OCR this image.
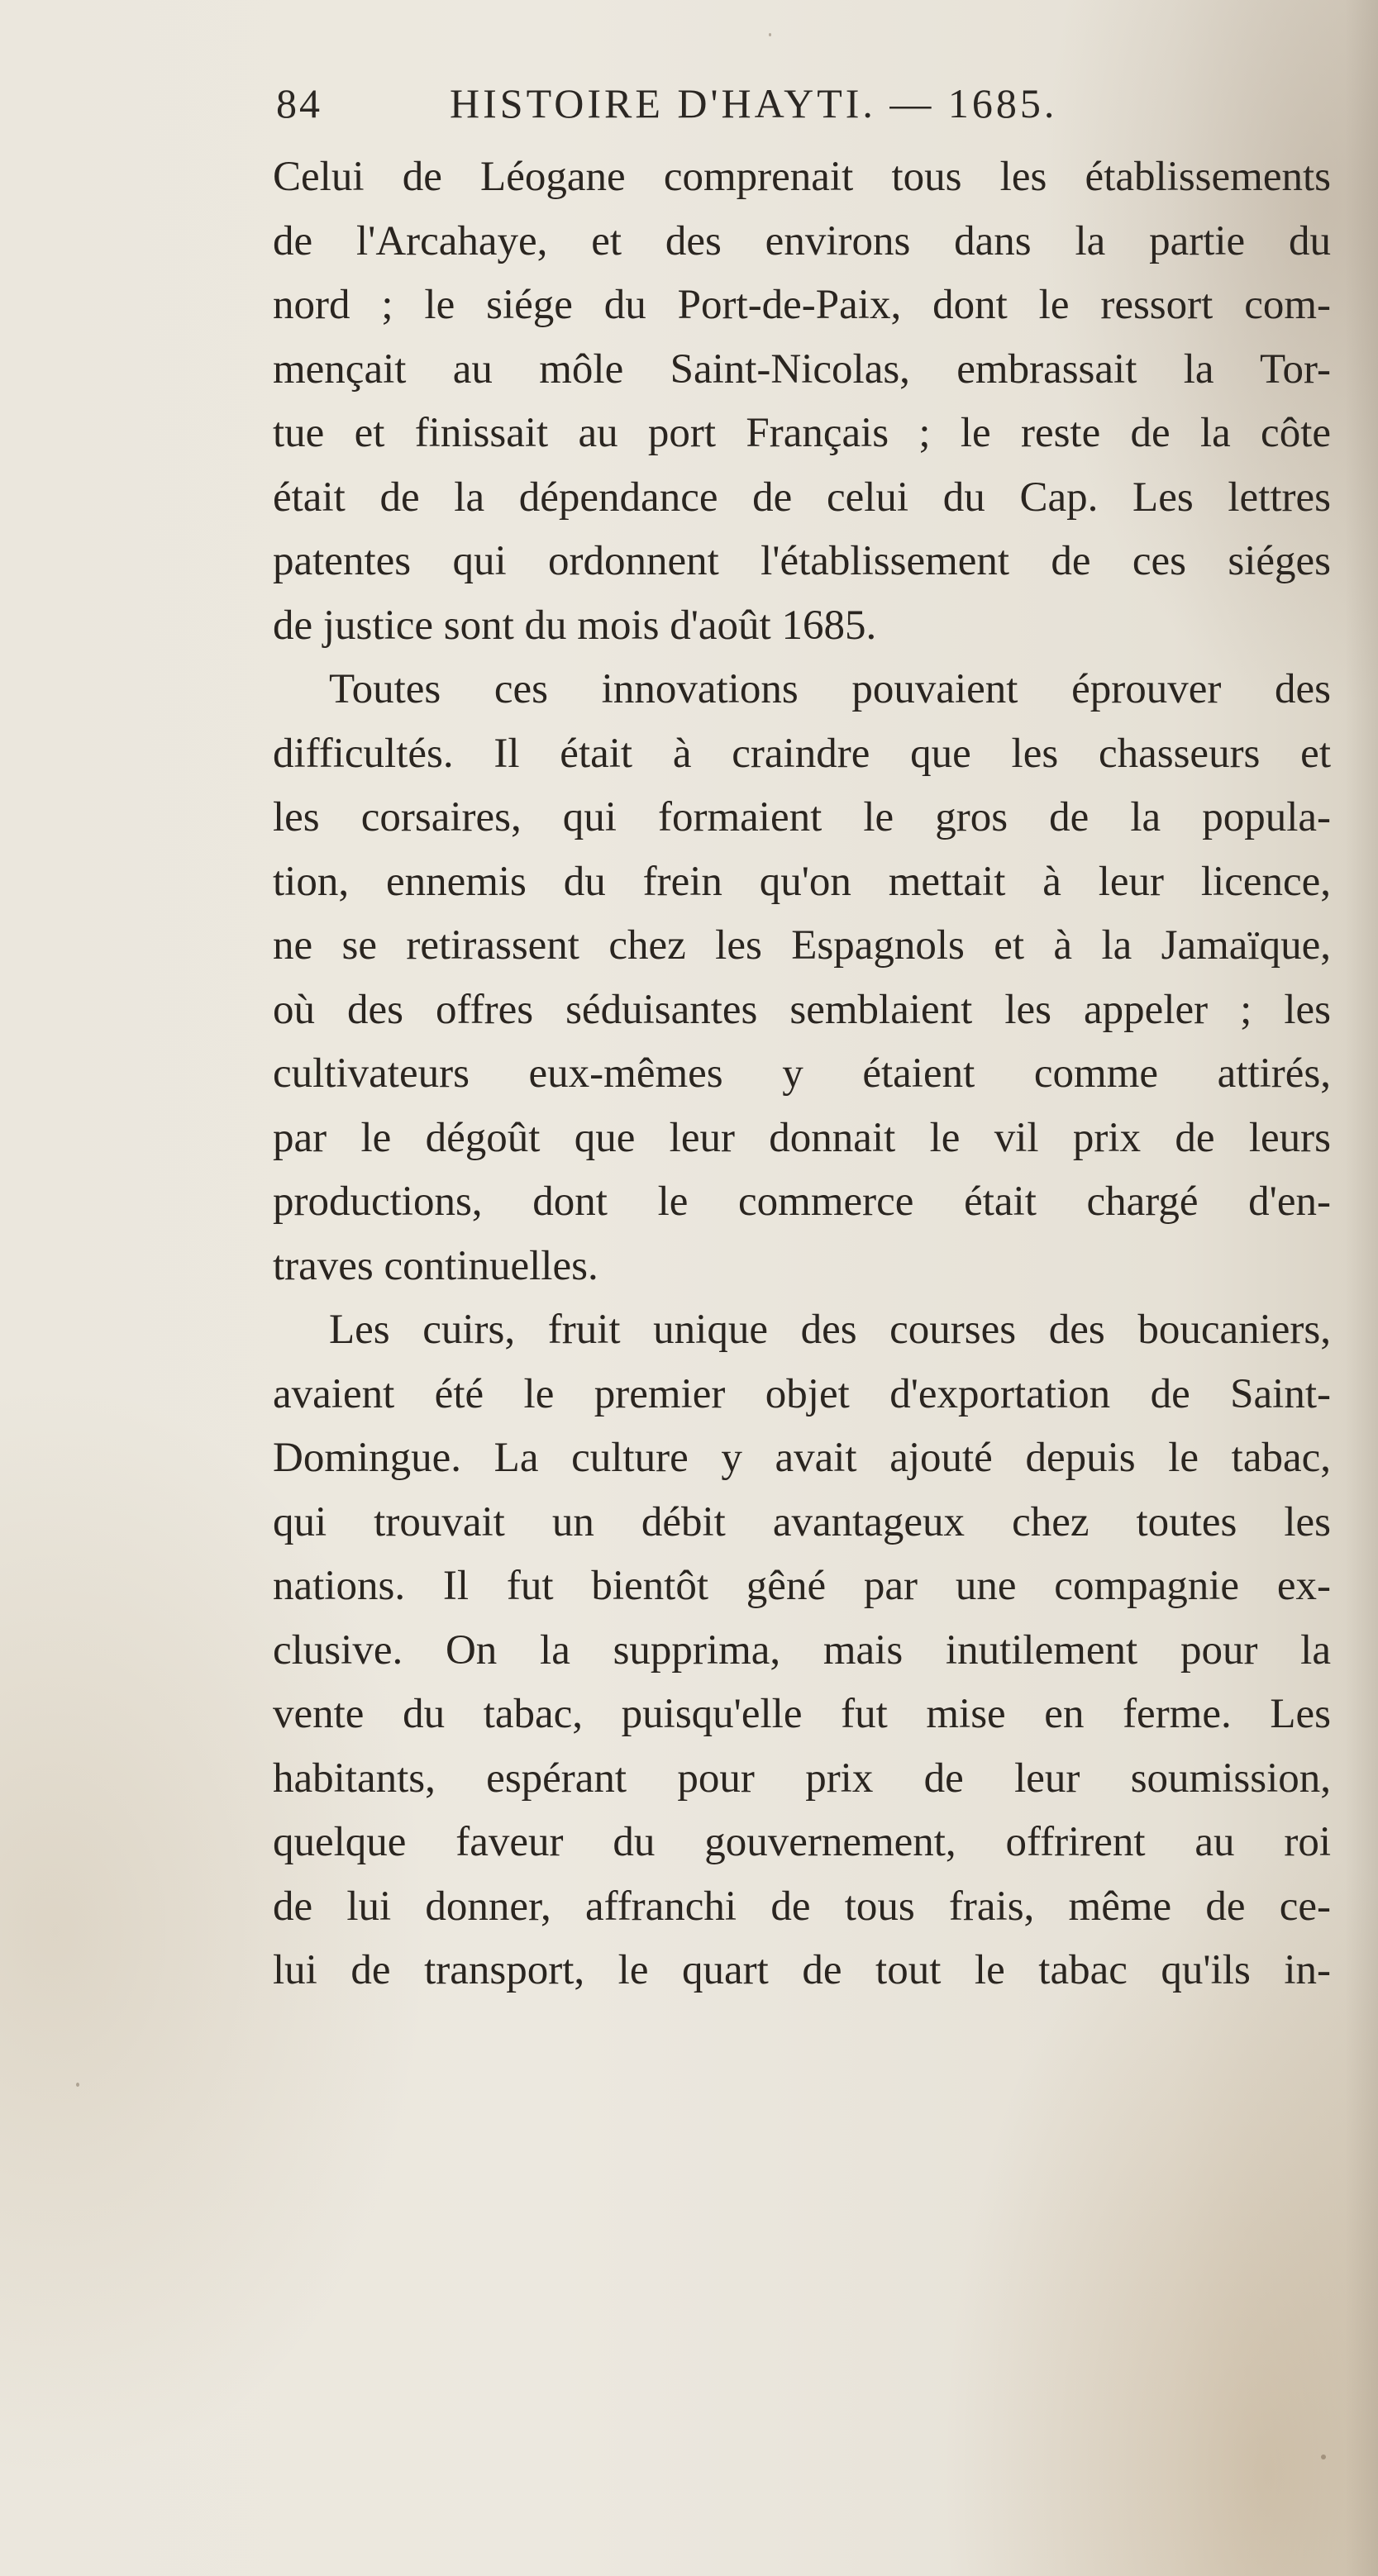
84	HISTOIRE D'HAYTI. — 1685.
Celui de Léogane comprenait tous les établissements
de l'Arcahaye, et des environs dans la partie du
nord ; le siége du Port-de-Paix, dont le ressort com-
mençait au môle Saint-Nicolas, embrassait la Tor-
tue et finissait au port Français ; le reste de la côte
était de la dépendance de celui du Cap. Les lettres
patentes qui ordonnent l'établissement de ces siéges
de justice sont du mois d'août 1685.
Toutes ces innovations pouvaient éprouver des
difficultés. Il était à craindre que les chasseurs et
les corsaires, qui formaient le gros de la popula-
tion, ennemis du frein qu'on mettait à leur licence,
ne se retirassent chez les Espagnols et à la Jamaïque,
où des offres séduisantes semblaient les appeler ; les
cultivateurs eux-mêmes y étaient comme attirés,
par le dégoût que leur donnait le vil prix de leurs
productions, dont le commerce était chargé d'en-
traves continuelles.
Les cuirs, fruit unique des courses des boucaniers,
avaient été le premier objet d'exportation de Saint-
Domingue. La culture y avait ajouté depuis le tabac,
qui trouvait un débit avantageux chez toutes les
nations. Il fut bientôt gêné par une compagnie ex-
clusive. On la supprima, mais inutilement pour la
vente du tabac, puisqu'elle fut mise en ferme. Les
habitants, espérant pour prix de leur soumission,
quelque faveur du gouvernement, offrirent au roi
de lui donner, affranchi de tous frais, même de ce-
lui de transport, le quart de tout le tabac qu'ils in-
